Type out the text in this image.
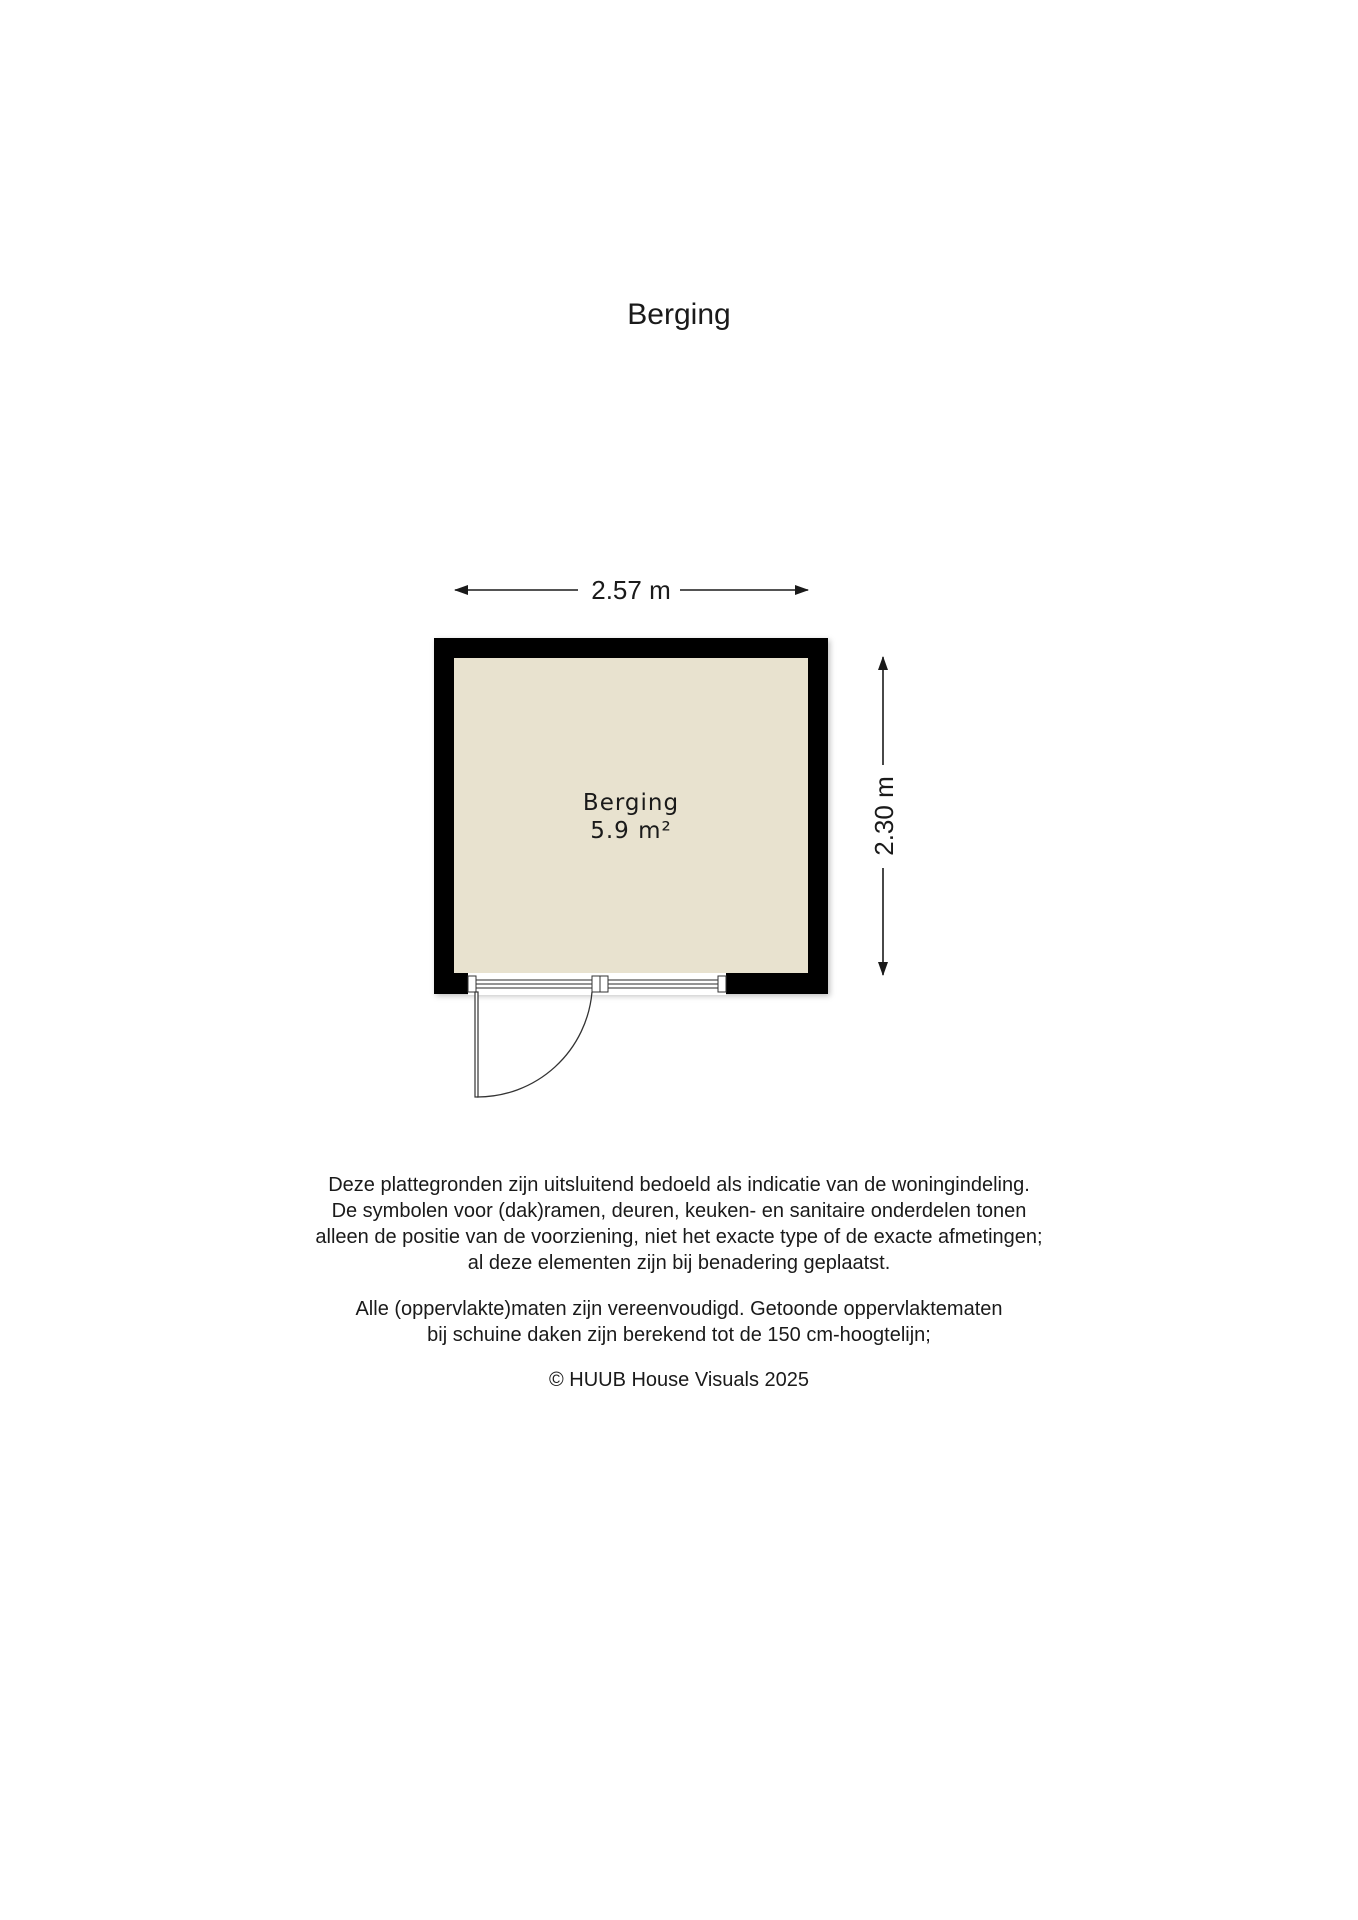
Berging
2.57 m
2.30 m
Berging
5.9 m²

Deze plattegronden zijn uitsluitend bedoeld als indicatie van de woningindeling.

De symbolen voor (dak)ramen, deuren, keuken- en sanitaire onderdelen tonen

alleen de positie van de voorziening, niet het exacte type of de exacte afmetingen;

al deze elementen zijn bij benadering geplaatst.

Alle (oppervlakte)maten zijn vereenvoudigd. Getoonde oppervlaktematen

bij schuine daken zijn berekend tot de 150 cm-hoogtelijn;

© HUUB House Visuals 2025
